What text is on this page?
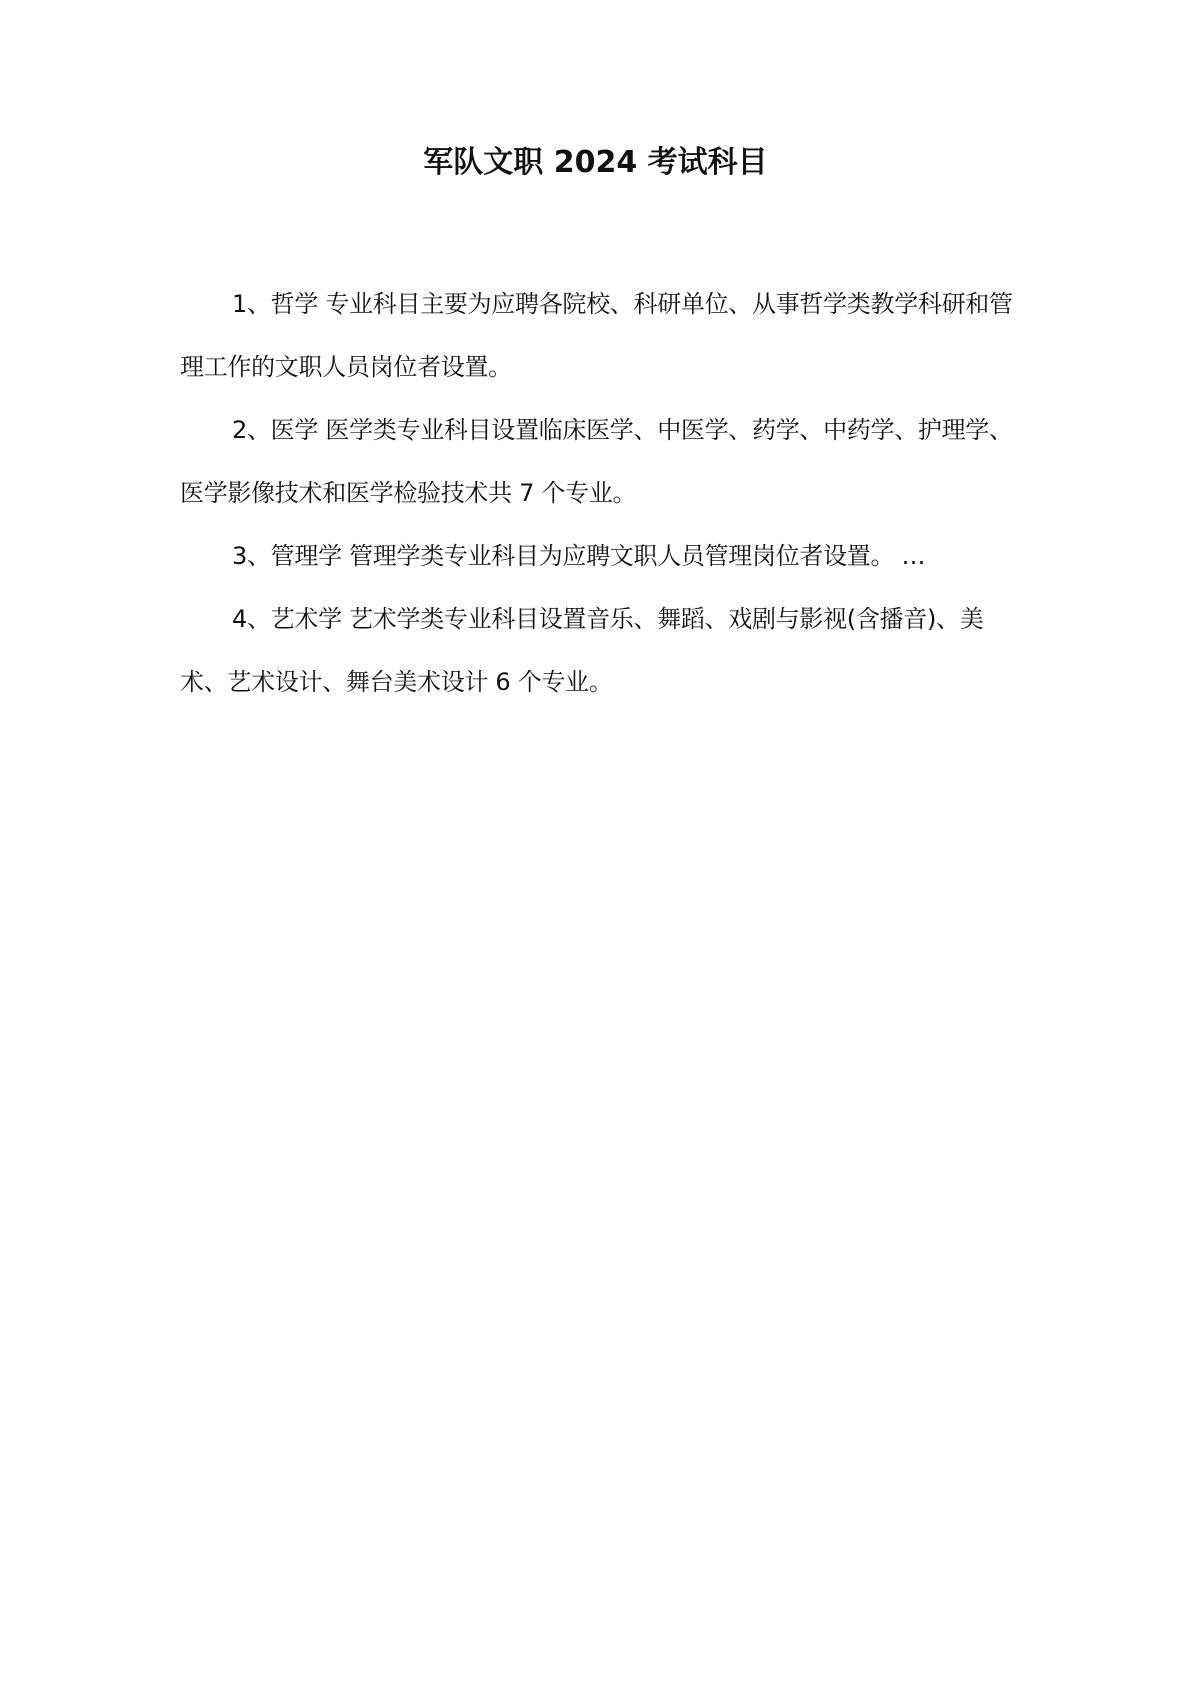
军队文职 2024 考试科目

1、哲学 专业科目主要为应聘各院校、科研单位、从事哲学类教学科研和管理工作的文职人员岗位者设置。

2、医学 医学类专业科目设置临床医学、中医学、药学、中药学、护理学、医学影像技术和医学检验技术共 7 个专业。

3、管理学 管理学类专业科目为应聘文职人员管理岗位者设置。 …

4、艺术学 艺术学类专业科目设置音乐、舞蹈、戏剧与影视(含播音)、美术、艺术设计、舞台美术设计 6 个专业。
